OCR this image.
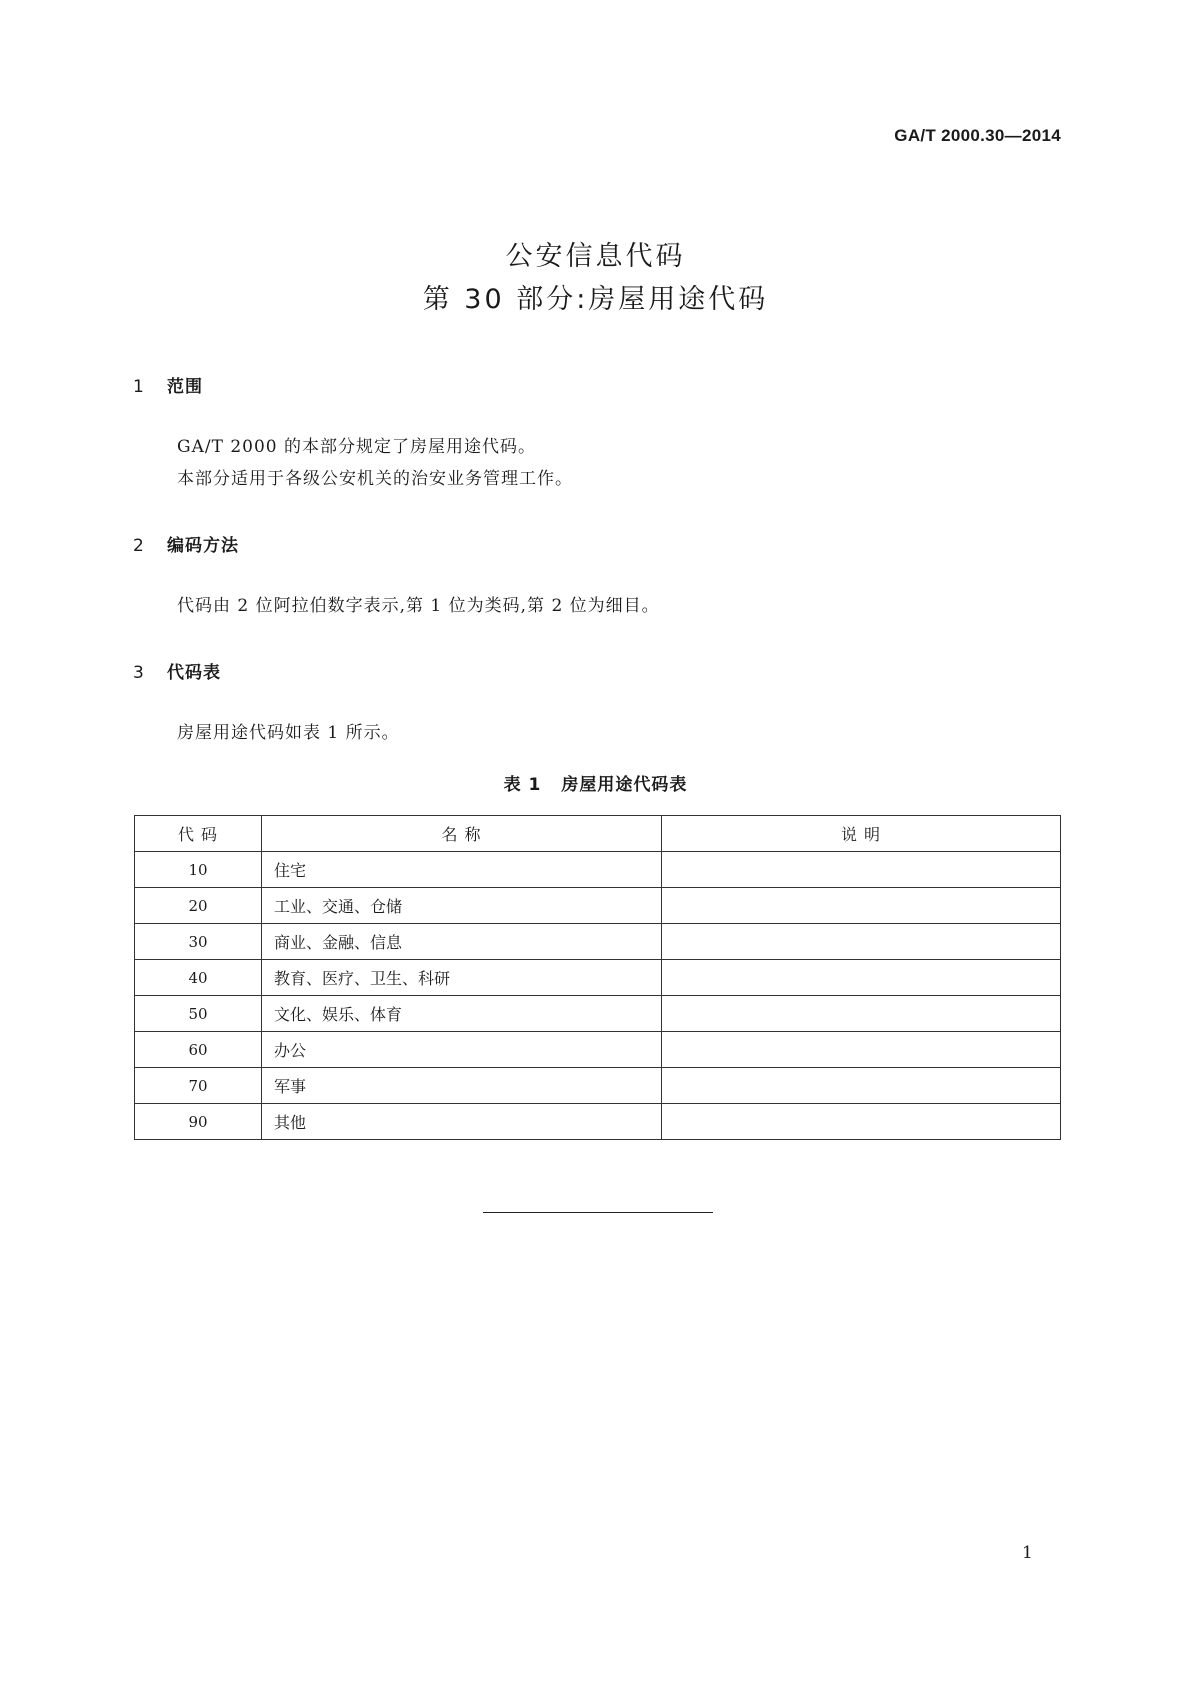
GA/T 2000.30—2014
公安信息代码
第 30 部分:房屋用途代码
1 范围
GA/T 2000 的本部分规定了房屋用途代码。
本部分适用于各级公安机关的治安业务管理工作。
2 编码方法
代码由 2 位阿拉伯数字表示,第 1 位为类码,第 2 位为细目。
3 代码表
房屋用途代码如表 1 所示。
表 1 房屋用途代码表
代 码	名 称	说 明
10	住宅	
20	工业、交通、仓储	
30	商业、金融、信息	
40	教育、医疗、卫生、科研	
50	文化、娱乐、体育	
60	办公	
70	军事	
90	其他	
1
